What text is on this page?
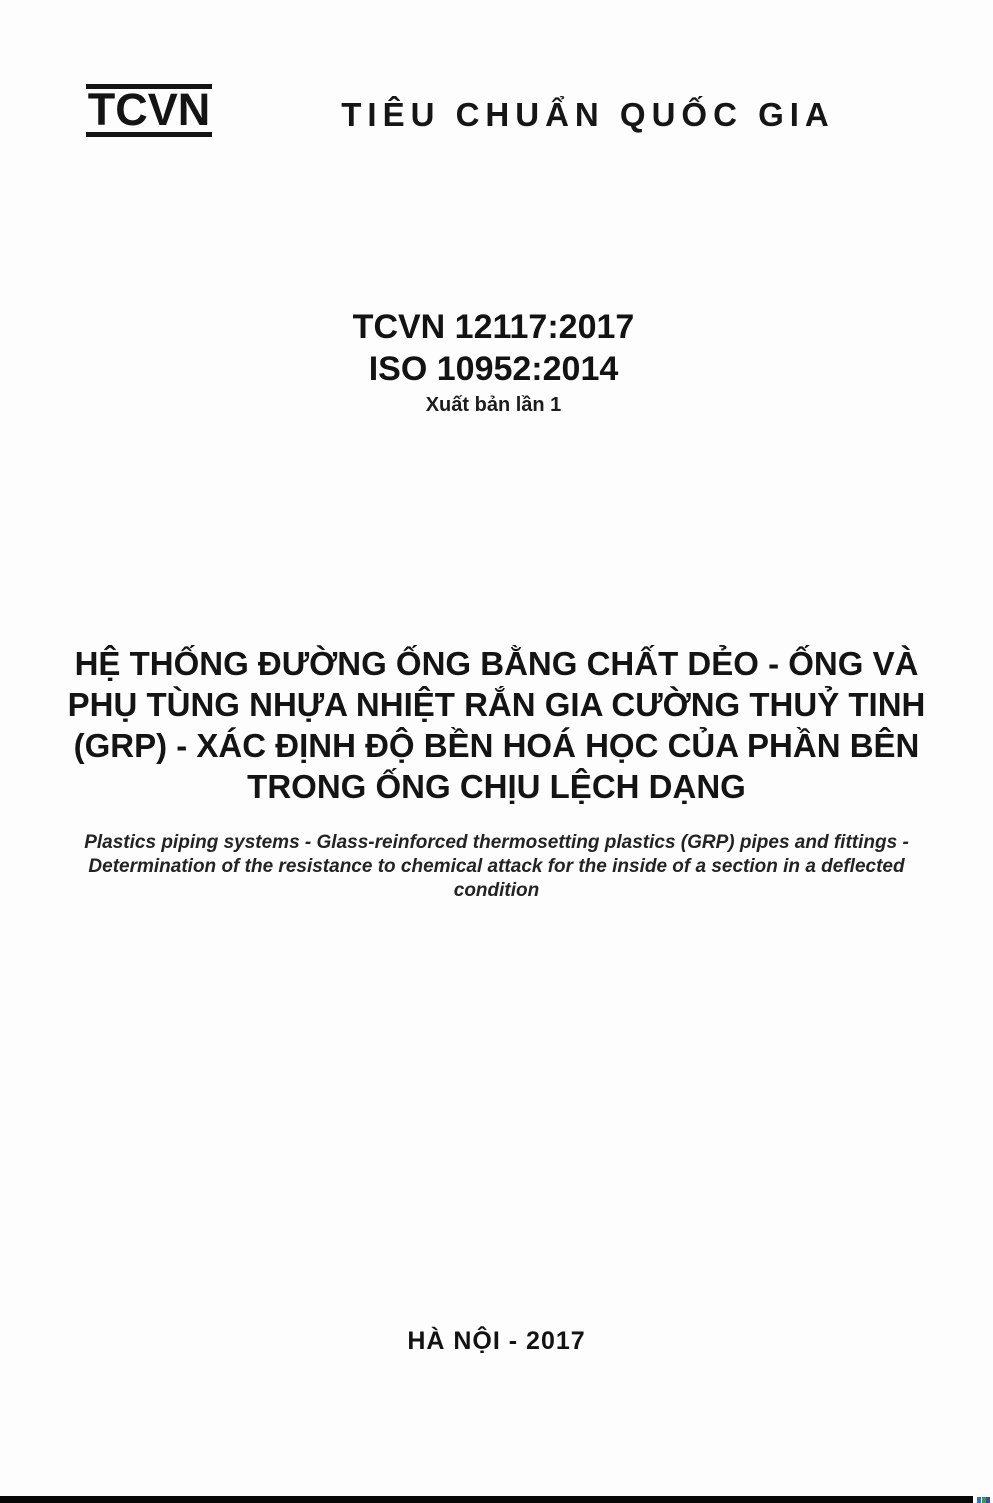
TCVN	TIÊU CHUẨN QUỐC GIA
TCVN 12117:2017
ISO 10952:2014
Xuất bản lần 1
HỆ THỐNG ĐƯỜNG ỐNG BẰNG CHẤT DẺO - ỐNG VÀ
PHỤ TÙNG NHỰA NHIỆT RẮN GIA CƯỜNG THUỶ TINH
(GRP) - XÁC ĐỊNH ĐỘ BỀN HOÁ HỌC CỦA PHẦN BÊN
TRONG ỐNG CHỊU LỆCH DẠNG
Plastics piping systems - Glass-reinforced thermosetting plastics (GRP) pipes and fittings - Determination of the resistance to chemical attack for the inside of a section in a deflected condition
HÀ NỘI - 2017
